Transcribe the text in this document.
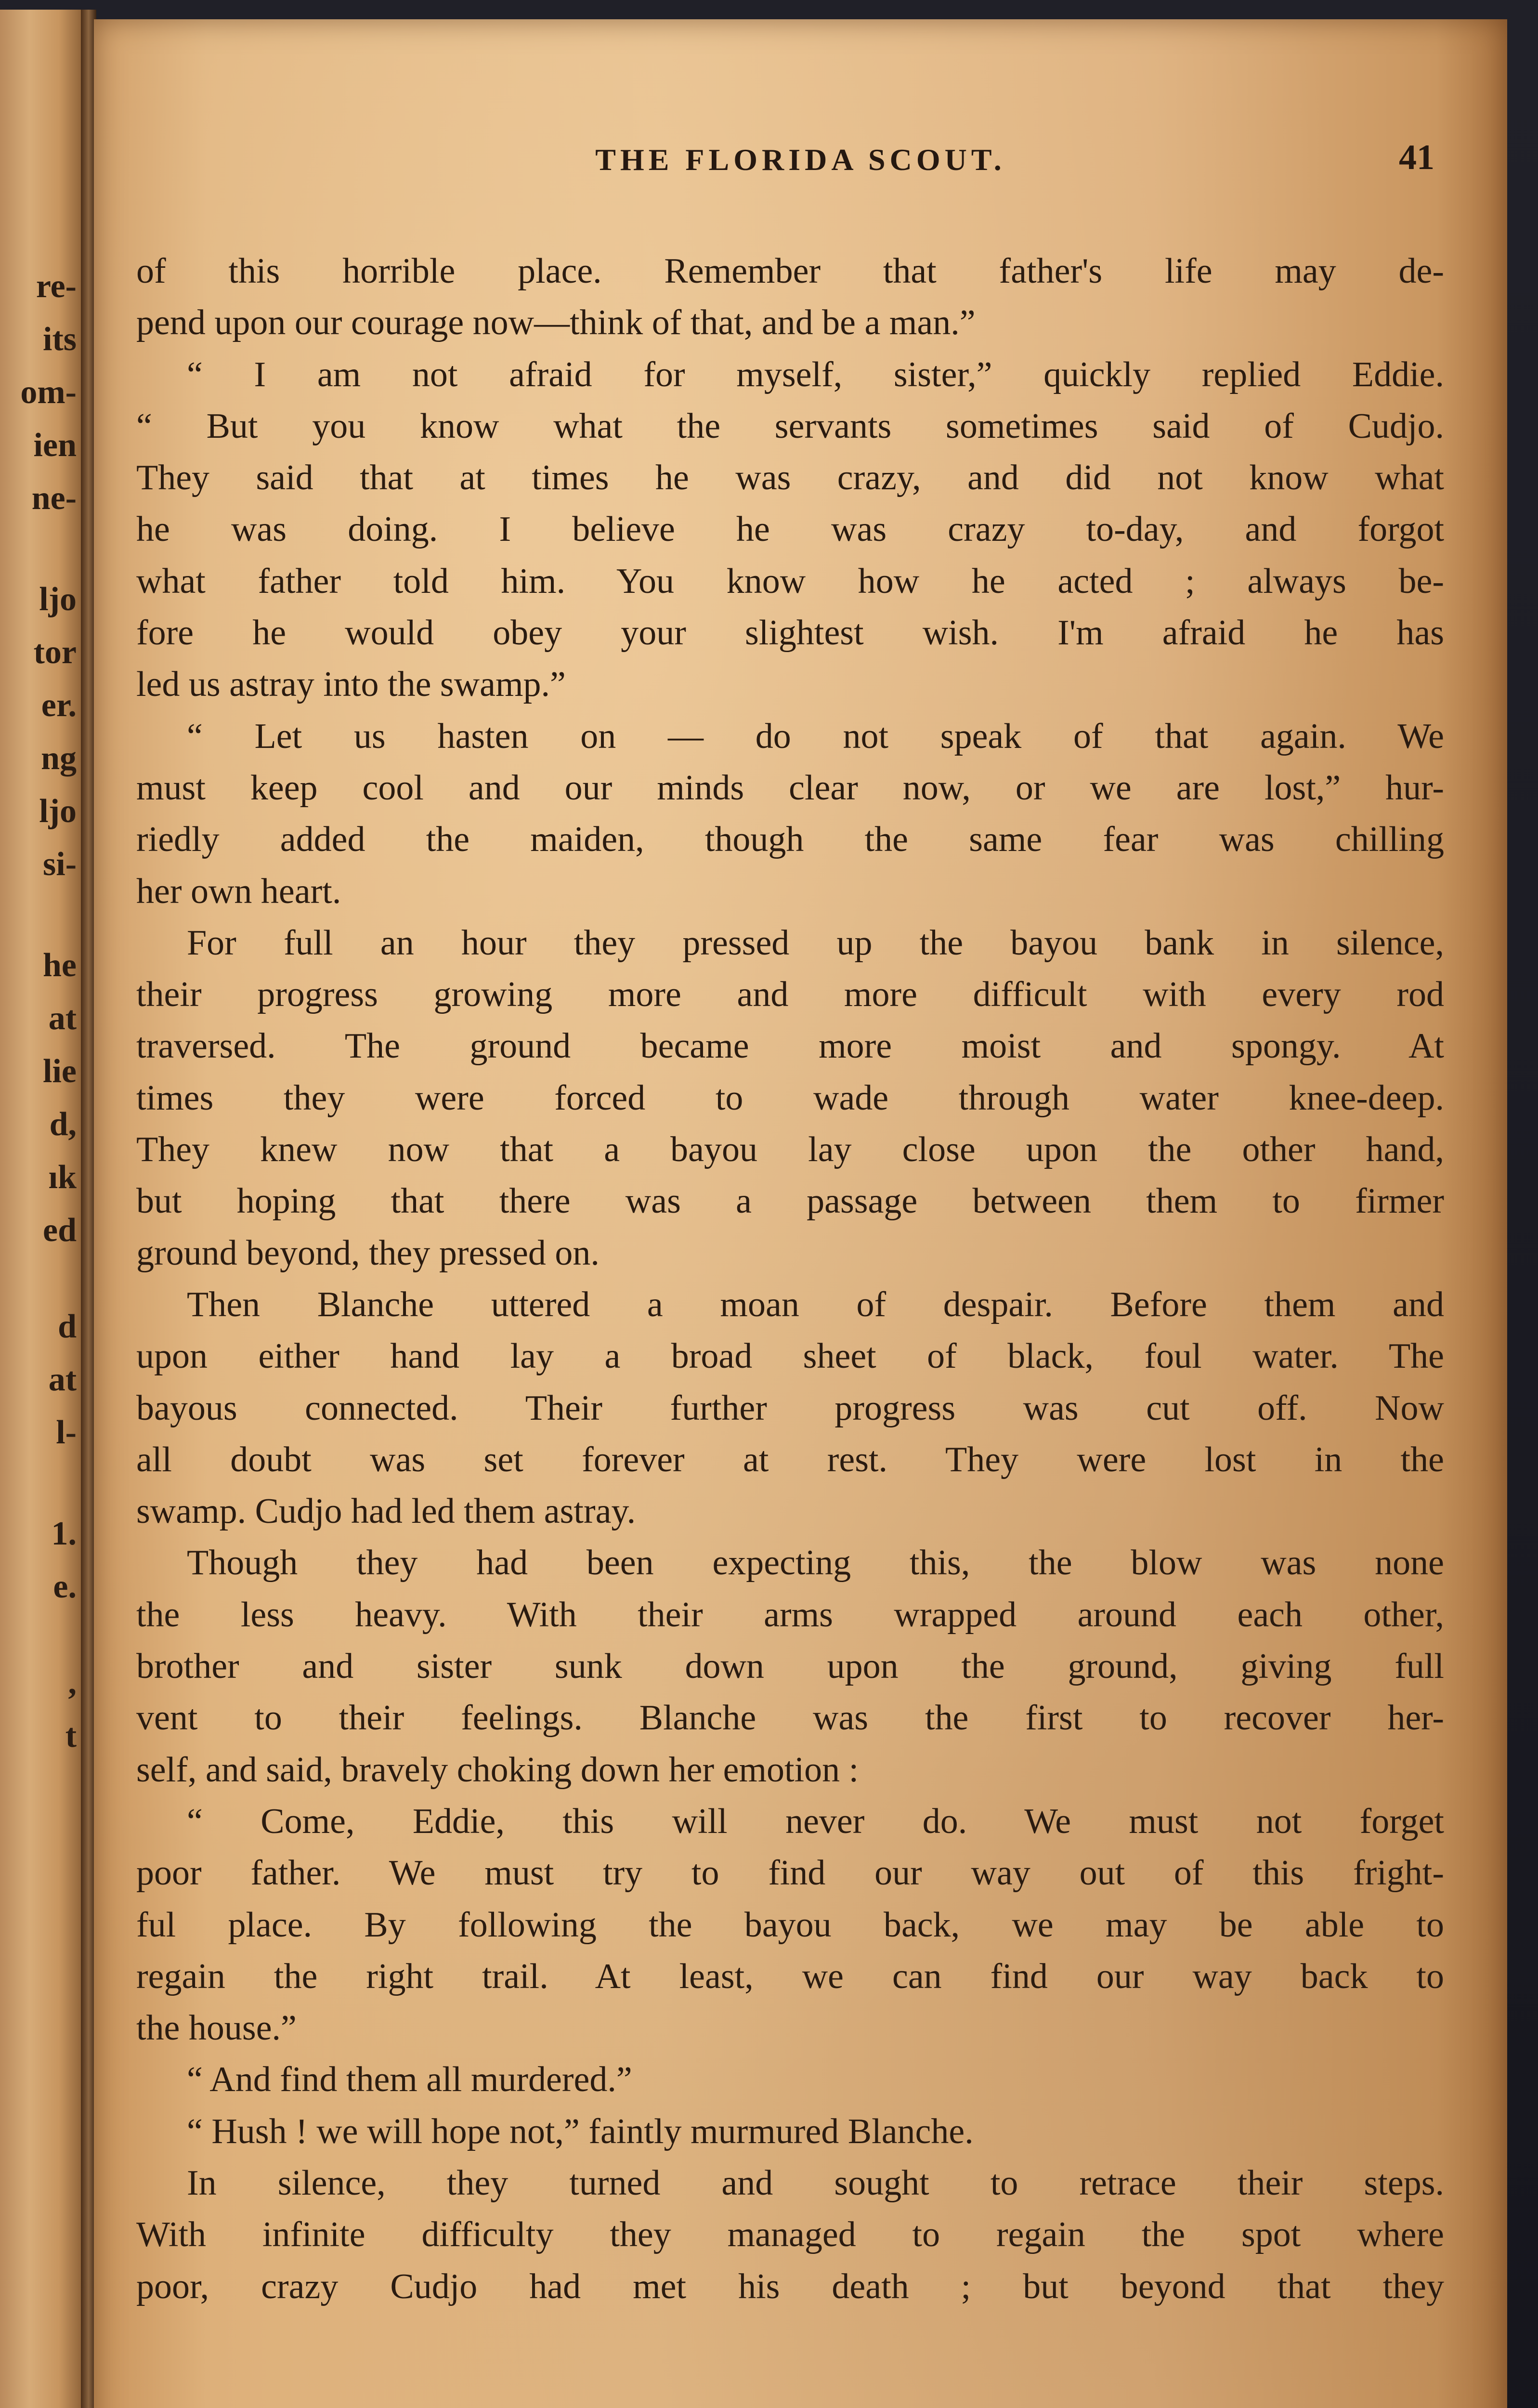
re-
its
om-
ien
ne-
ljo
tor
er.
ng
ljo
si-
he
at
lie
d,
ık
ed
d
at
l-
1.
e.
,
t
THE FLORIDA SCOUT.	41
of this horrible place. Remember that father's life may de-
pend upon our courage now—think of that, and be a man.”
“ I am not afraid for myself, sister,” quickly replied Eddie.
“ But you know what the servants sometimes said of Cudjo.
They said that at times he was crazy, and did not know what
he was doing. I believe he was crazy to-day, and forgot
what father told him. You know how he acted ; always be-
fore he would obey your slightest wish. I'm afraid he has
led us astray into the swamp.”
“ Let us hasten on — do not speak of that again. We
must keep cool and our minds clear now, or we are lost,” hur-
riedly added the maiden, though the same fear was chilling
her own heart.
For full an hour they pressed up the bayou bank in silence,
their progress growing more and more difficult with every rod
traversed. The ground became more moist and spongy. At
times they were forced to wade through water knee-deep.
They knew now that a bayou lay close upon the other hand,
but hoping that there was a passage between them to firmer
ground beyond, they pressed on.
Then Blanche uttered a moan of despair. Before them and
upon either hand lay a broad sheet of black, foul water. The
bayous connected. Their further progress was cut off. Now
all doubt was set forever at rest. They were lost in the
swamp. Cudjo had led them astray.
Though they had been expecting this, the blow was none
the less heavy. With their arms wrapped around each other,
brother and sister sunk down upon the ground, giving full
vent to their feelings. Blanche was the first to recover her-
self, and said, bravely choking down her emotion :
“ Come, Eddie, this will never do. We must not forget
poor father. We must try to find our way out of this fright-
ful place. By following the bayou back, we may be able to
regain the right trail. At least, we can find our way back to
the house.”
“ And find them all murdered.”
“ Hush ! we will hope not,” faintly murmured Blanche.
In silence, they turned and sought to retrace their steps.
With infinite difficulty they managed to regain the spot where
poor, crazy Cudjo had met his death ; but beyond that they
